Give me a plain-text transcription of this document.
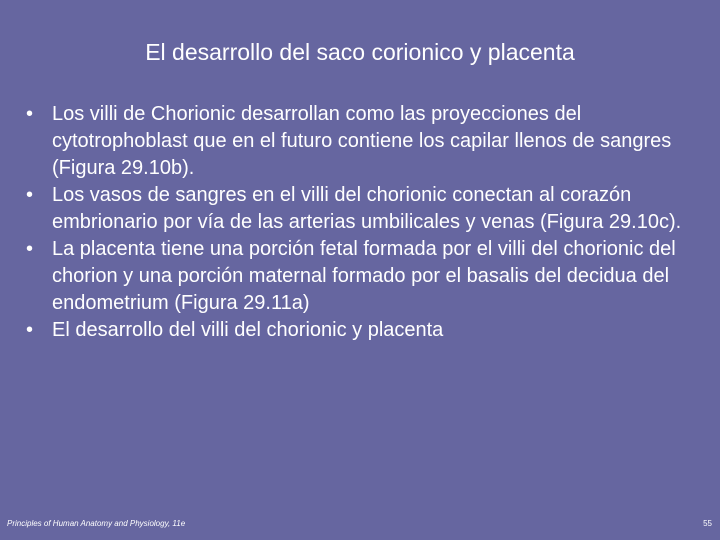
El desarrollo del saco corionico y placenta
• Los villi de Chorionic desarrollan como las proyecciones del cytotrophoblast que en el futuro contiene los capilar llenos de sangres (Figura 29.10b).
• Los vasos de sangres en el villi del chorionic conectan al corazón embrionario por vía de las arterias umbilicales y venas (Figura 29.10c).
• La placenta tiene una porción fetal formada por el villi del chorionic del chorion y una porción maternal formado por el basalis del decidua del endometrium (Figura 29.11a)
• El desarrollo del villi del chorionic y placenta
Principles of Human Anatomy and Physiology, 11e	55
